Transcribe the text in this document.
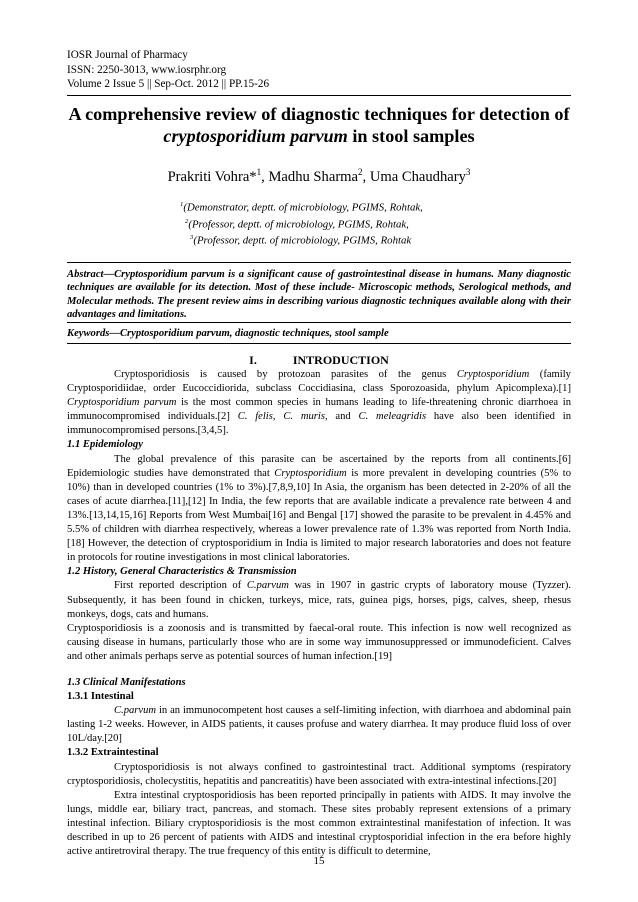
IOSR Journal of Pharmacy
ISSN: 2250-3013, www.iosrphr.org
Volume 2 Issue 5 || Sep-Oct. 2012 || PP.15-26
A comprehensive review of diagnostic techniques for detection of
cryptosporidium parvum in stool samples
Prakriti Vohra*$^1$, Madhu Sharma$^2$, Uma Chaudhary$^3$
$^1$(Demonstrator, deptt. of microbiology, PGIMS, Rohtak,
$^2$(Professor, deptt. of microbiology, PGIMS, Rohtak,
$^3$(Professor, deptt. of microbiology, PGIMS, Rohtak
Abstract—Cryptosporidium parvum is a significant cause of gastrointestinal disease in humans. Many diagnostic techniques are available for its detection. Most of these include- Microscopic methods, Serological methods, and Molecular methods. The present review aims in describing various diagnostic techniques available along with their advantages and limitations.
Keywords—Cryptosporidium parvum, diagnostic techniques, stool sample
I.	INTRODUCTION

Cryptosporidiosis is caused by protozoan parasites of the genus Cryptosporidium (family Cryptosporidiidae, order Eucoccidiorida, subclass Coccidiasina, class Sporozoasida, phylum Apicomplexa).[1] Cryptosporidium parvum is the most common species in humans leading to life-threatening chronic diarrhoea in immunocompromised individuals.[2] C. felis, C. muris, and C. meleagridis have also been identified in immunocompromised persons.[3,4,5].

1.1 Epidemiology

The global prevalence of this parasite can be ascertained by the reports from all continents.[6] Epidemiologic studies have demonstrated that Cryptosporidium is more prevalent in developing countries (5% to 10%) than in developed countries (1% to 3%).[7,8,9,10] In Asia, the organism has been detected in 2-20% of all the cases of acute diarrhea.[11],[12] In India, the few reports that are available indicate a prevalence rate between 4 and 13%.[13,14,15,16] Reports from West Mumbai[16] and Bengal [17] showed the parasite to be prevalent in 4.45% and 5.5% of children with diarrhea respectively, whereas a lower prevalence rate of 1.3% was reported from North India.[18] However, the detection of cryptosporidium in India is limited to major research laboratories and does not feature in protocols for routine investigations in most clinical laboratories.

1.2 History, General Characteristics & Transmission

First reported description of C.parvum was in 1907 in gastric crypts of laboratory mouse (Tyzzer). Subsequently, it has been found in chicken, turkeys, mice, rats, guinea pigs, horses, pigs, calves, sheep, rhesus monkeys, dogs, cats and humans.

Cryptosporidiosis is a zoonosis and is transmitted by faecal-oral route. This infection is now well recognized as causing disease in humans, particularly those who are in some way immunosuppressed or immunodeficient. Calves and other animals perhaps serve as potential sources of human infection.[19]

1.3 Clinical Manifestations

1.3.1 Intestinal

C.parvum in an immunocompetent host causes a self-limiting infection, with diarrhoea and abdominal pain lasting 1-2 weeks. However, in AIDS patients, it causes profuse and watery diarrhea. It may produce fluid loss of over 10L/day.[20]

1.3.2 Extraintestinal

Cryptosporidiosis is not always confined to gastrointestinal tract. Additional symptoms (respiratory cryptosporidiosis, cholecystitis, hepatitis and pancreatitis) have been associated with extra-intestinal infections.[20]

Extra intestinal cryptosporidiosis has been reported principally in patients with AIDS. It may involve the lungs, middle ear, biliary tract, pancreas, and stomach. These sites probably represent extensions of a primary intestinal infection. Biliary cryptosporidiosis is the most common extraintestinal manifestation of infection. It was described in up to 26 percent of patients with AIDS and intestinal cryptosporidial infection in the era before highly active antiretroviral therapy. The true frequency of this entity is difficult to determine,

15
